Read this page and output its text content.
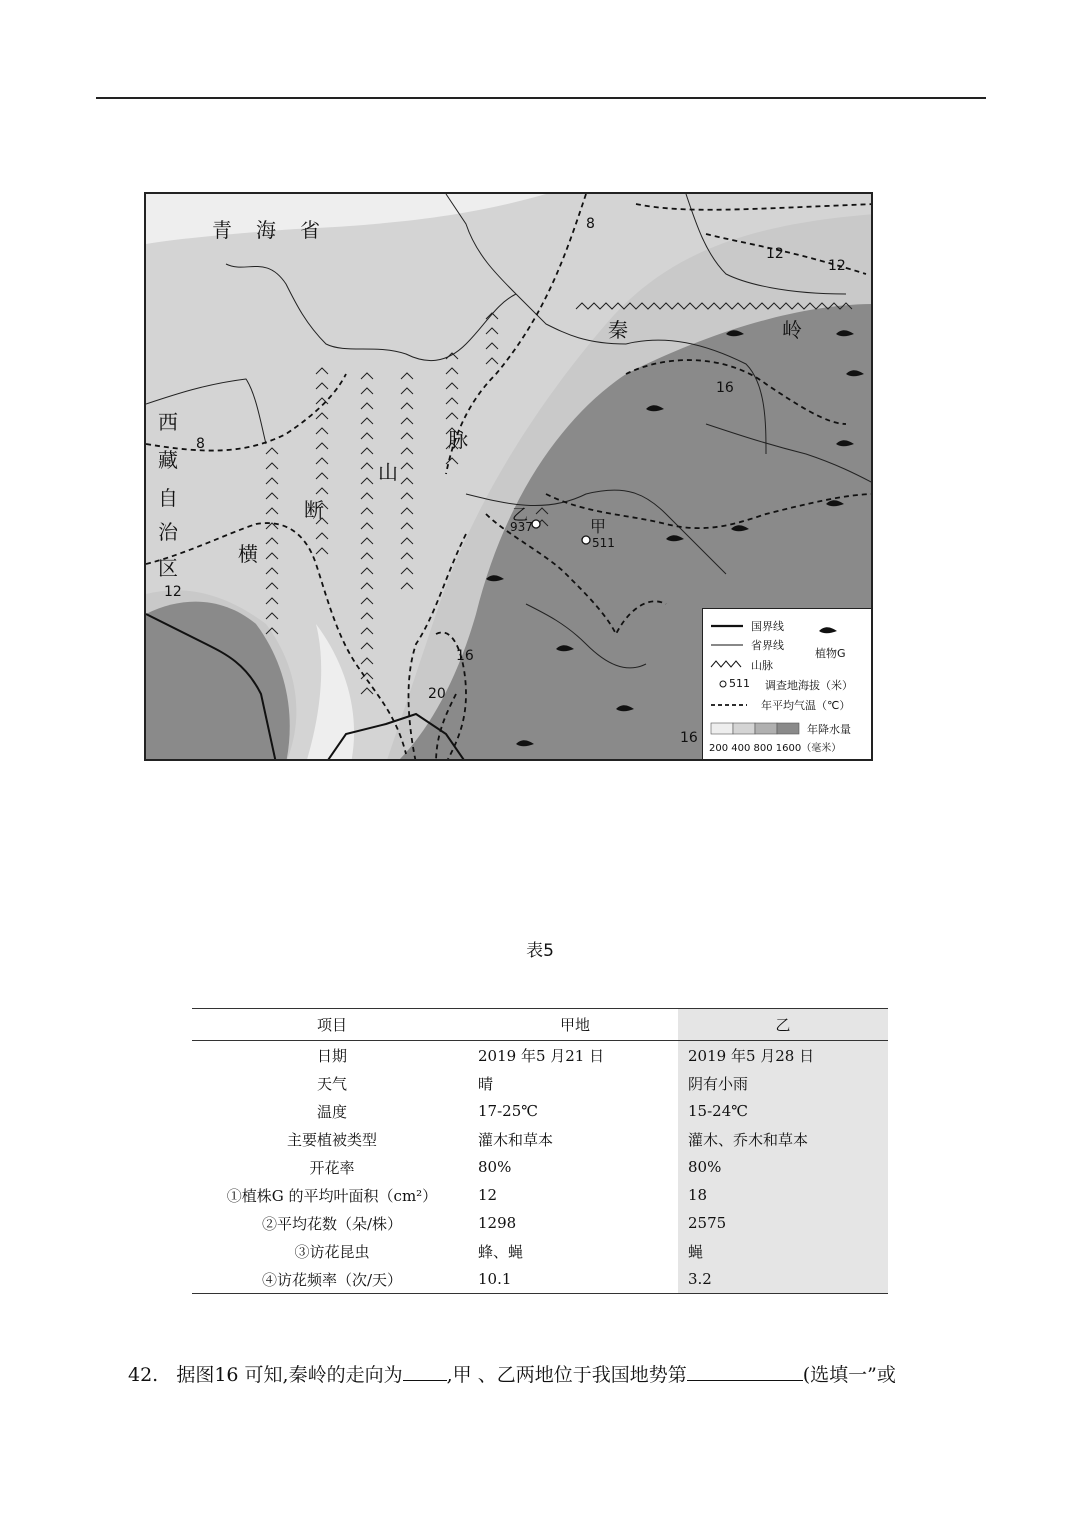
青　海　省
西
藏
自
治
区
横
断
山
脉
秦	岭
乙
甲
937
511
8
12
12
16
8
12
16
20
16
国界线
省界线
山脉
511 调查地海拔（米）
年平均气温（℃）
植物G
年降水量
200 400 800 1600（毫米）
表5
项目	甲地	乙
日期	2019 年5 月21 日	2019 年5 月28 日
天气	晴	阴有小雨
温度	17-25℃	15-24℃
主要植被类型	灌木和草本	灌木、乔木和草本
开花率	80%	80%
①植株G 的平均叶面积（cm²）	12	18
②平均花数（朵/株）	1298	2575
③访花昆虫	蜂、蝇	蝇
④访花频率（次/天）	10.1	3.2
42. 据图16 可知,秦岭的走向为 ,甲 、乙两地位于我国地势第	(选填一”或
